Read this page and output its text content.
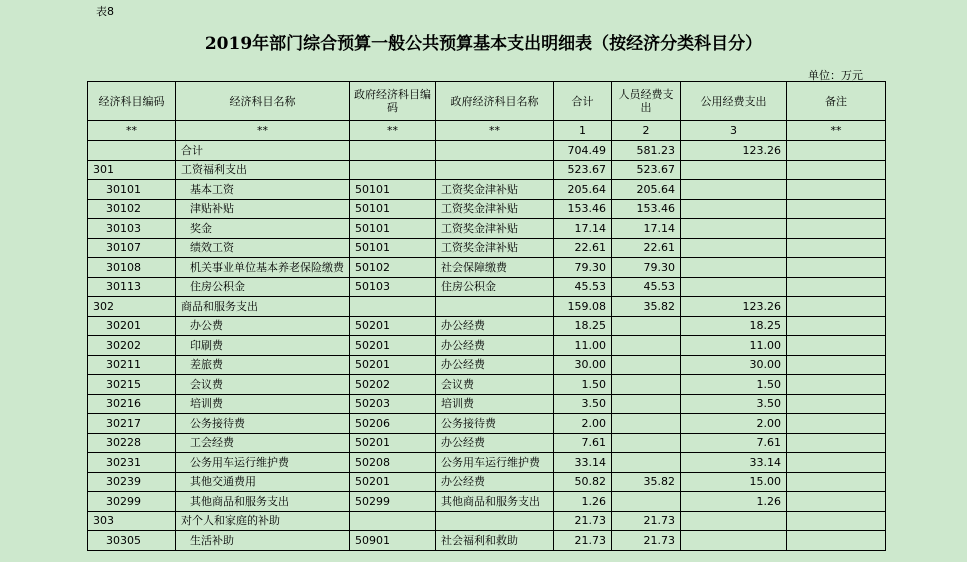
表8
2019年部门综合预算一般公共预算基本支出明细表（按经济分类科目分）
单位：万元
经济科目编码	经济科目名称	政府经济科目编码	政府经济科目名称	合计	人员经费支出	公用经费支出	备注
**	**	**	**	1	2	3	**
	合计			704.49	581.23	123.26	
301	工资福利支出			523.67	523.67		
30101	基本工资	50101	工资奖金津补贴	205.64	205.64		
30102	津贴补贴	50101	工资奖金津补贴	153.46	153.46		
30103	奖金	50101	工资奖金津补贴	17.14	17.14		
30107	绩效工资	50101	工资奖金津补贴	22.61	22.61		
30108	机关事业单位基本养老保险缴费	50102	社会保障缴费	79.30	79.30		
30113	住房公积金	50103	住房公积金	45.53	45.53		
302	商品和服务支出			159.08	35.82	123.26	
30201	办公费	50201	办公经费	18.25		18.25	
30202	印刷费	50201	办公经费	11.00		11.00	
30211	差旅费	50201	办公经费	30.00		30.00	
30215	会议费	50202	会议费	1.50		1.50	
30216	培训费	50203	培训费	3.50		3.50	
30217	公务接待费	50206	公务接待费	2.00		2.00	
30228	工会经费	50201	办公经费	7.61		7.61	
30231	公务用车运行维护费	50208	公务用车运行维护费	33.14		33.14	
30239	其他交通费用	50201	办公经费	50.82	35.82	15.00	
30299	其他商品和服务支出	50299	其他商品和服务支出	1.26		1.26	
303	对个人和家庭的补助			21.73	21.73		
30305	生活补助	50901	社会福利和救助	21.73	21.73		
